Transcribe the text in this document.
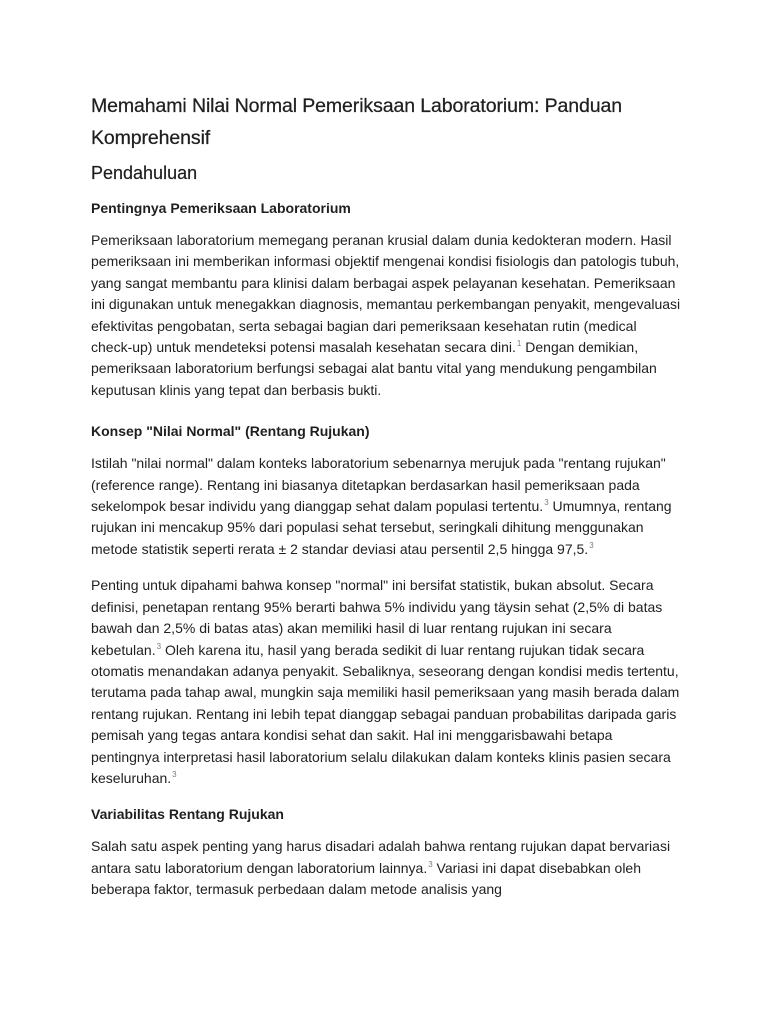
Memahami Nilai Normal Pemeriksaan Laboratorium: Panduan Komprehensif
Pendahuluan
Pentingnya Pemeriksaan Laboratorium

Pemeriksaan laboratorium memegang peranan krusial dalam dunia kedokteran modern. Hasil pemeriksaan ini memberikan informasi objektif mengenai kondisi fisiologis dan patologis tubuh, yang sangat membantu para klinisi dalam berbagai aspek pelayanan kesehatan. Pemeriksaan ini digunakan untuk menegakkan diagnosis, memantau perkembangan penyakit, mengevaluasi efektivitas pengobatan, serta sebagai bagian dari pemeriksaan kesehatan rutin (medical check-up) untuk mendeteksi potensi masalah kesehatan secara dini.$^1$ Dengan demikian, pemeriksaan laboratorium berfungsi sebagai alat bantu vital yang mendukung pengambilan keputusan klinis yang tepat dan berbasis bukti.

Konsep "Nilai Normal" (Rentang Rujukan)

Istilah "nilai normal" dalam konteks laboratorium sebenarnya merujuk pada "rentang rujukan" (reference range). Rentang ini biasanya ditetapkan berdasarkan hasil pemeriksaan pada sekelompok besar individu yang dianggap sehat dalam populasi tertentu.$^3$ Umumnya, rentang rujukan ini mencakup 95% dari populasi sehat tersebut, seringkali dihitung menggunakan metode statistik seperti rerata ± 2 standar deviasi atau persentil 2,5 hingga 97,5.$^3$

Penting untuk dipahami bahwa konsep "normal" ini bersifat statistik, bukan absolut. Secara definisi, penetapan rentang 95% berarti bahwa 5% individu yang täysin sehat (2,5% di batas bawah dan 2,5% di batas atas) akan memiliki hasil di luar rentang rujukan ini secara kebetulan.$^3$ Oleh karena itu, hasil yang berada sedikit di luar rentang rujukan tidak secara otomatis menandakan adanya penyakit. Sebaliknya, seseorang dengan kondisi medis tertentu, terutama pada tahap awal, mungkin saja memiliki hasil pemeriksaan yang masih berada dalam rentang rujukan. Rentang ini lebih tepat dianggap sebagai panduan probabilitas daripada garis pemisah yang tegas antara kondisi sehat dan sakit. Hal ini menggarisbawahi betapa pentingnya interpretasi hasil laboratorium selalu dilakukan dalam konteks klinis pasien secara keseluruhan.$^3$

Variabilitas Rentang Rujukan

Salah satu aspek penting yang harus disadari adalah bahwa rentang rujukan dapat bervariasi antara satu laboratorium dengan laboratorium lainnya.$^3$ Variasi ini dapat disebabkan oleh beberapa faktor, termasuk perbedaan dalam metode analisis yang
